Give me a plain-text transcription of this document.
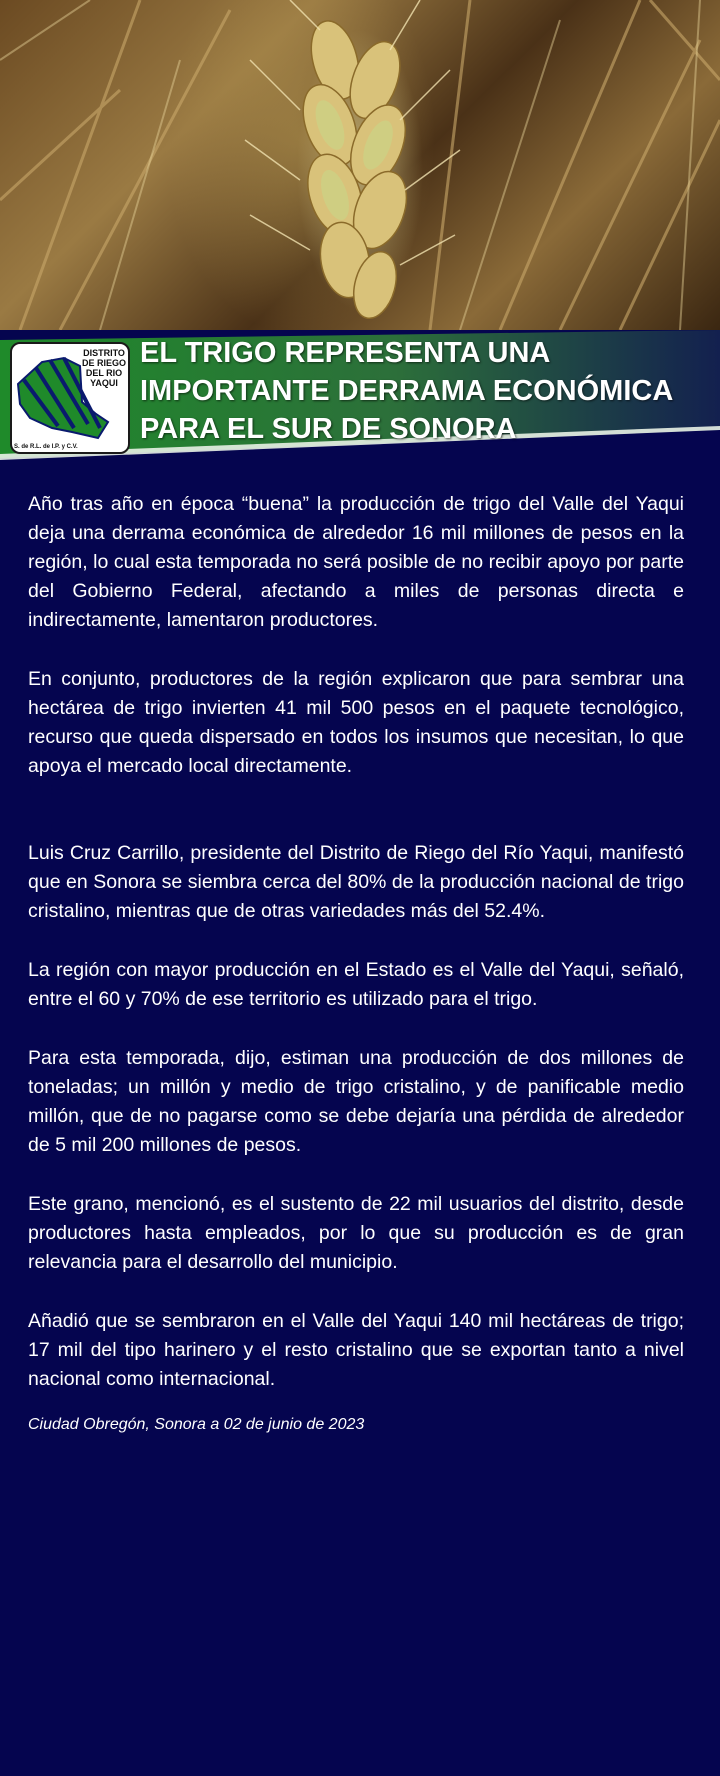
DISTRITO DE RIEGO DEL RIO YAQUI
S. de R.L. de I.P. y C.V.
EL TRIGO REPRESENTA UNA IMPORTANTE DERRAMA ECONÓMICA PARA EL SUR DE SONORA

Año tras año en época “buena” la producción de trigo del Valle del Yaqui deja una derrama económica de alrededor 16 mil millones de pesos en la región, lo cual esta temporada no será posible de no recibir apoyo por parte del Gobierno Federal, afectando a miles de personas directa e indirectamente, lamentaron productores.

En conjunto, productores de la región explicaron que para sembrar una hectárea de trigo invierten 41 mil 500 pesos en el paquete tecnológico, recurso que queda dispersado en todos los insumos que necesitan, lo que apoya el mercado local directamente.

Luis Cruz Carrillo, presidente del Distrito de Riego del Río Yaqui, manifestó que en Sonora se siembra cerca del 80% de la producción nacional de trigo cristalino, mientras que de otras variedades más del 52.4%.

La región con mayor producción en el Estado es el Valle del Yaqui, señaló, entre el 60 y 70% de ese territorio es utilizado para el trigo.

Para esta temporada, dijo, estiman una producción de dos millones de toneladas; un millón y medio de trigo cristalino, y de panificable medio millón, que de no pagarse como se debe dejaría una pérdida de alrededor de 5 mil 200 millones de pesos.

Este grano, mencionó, es el sustento de 22 mil usuarios del distrito, desde productores hasta empleados, por lo que su producción es de gran relevancia para el desarrollo del municipio.

Añadió que se sembraron en el Valle del Yaqui 140 mil hectáreas de trigo; 17 mil del tipo harinero y el resto cristalino que se exportan tanto a nivel nacional como internacional.

Ciudad Obregón, Sonora a 02 de junio de 2023
